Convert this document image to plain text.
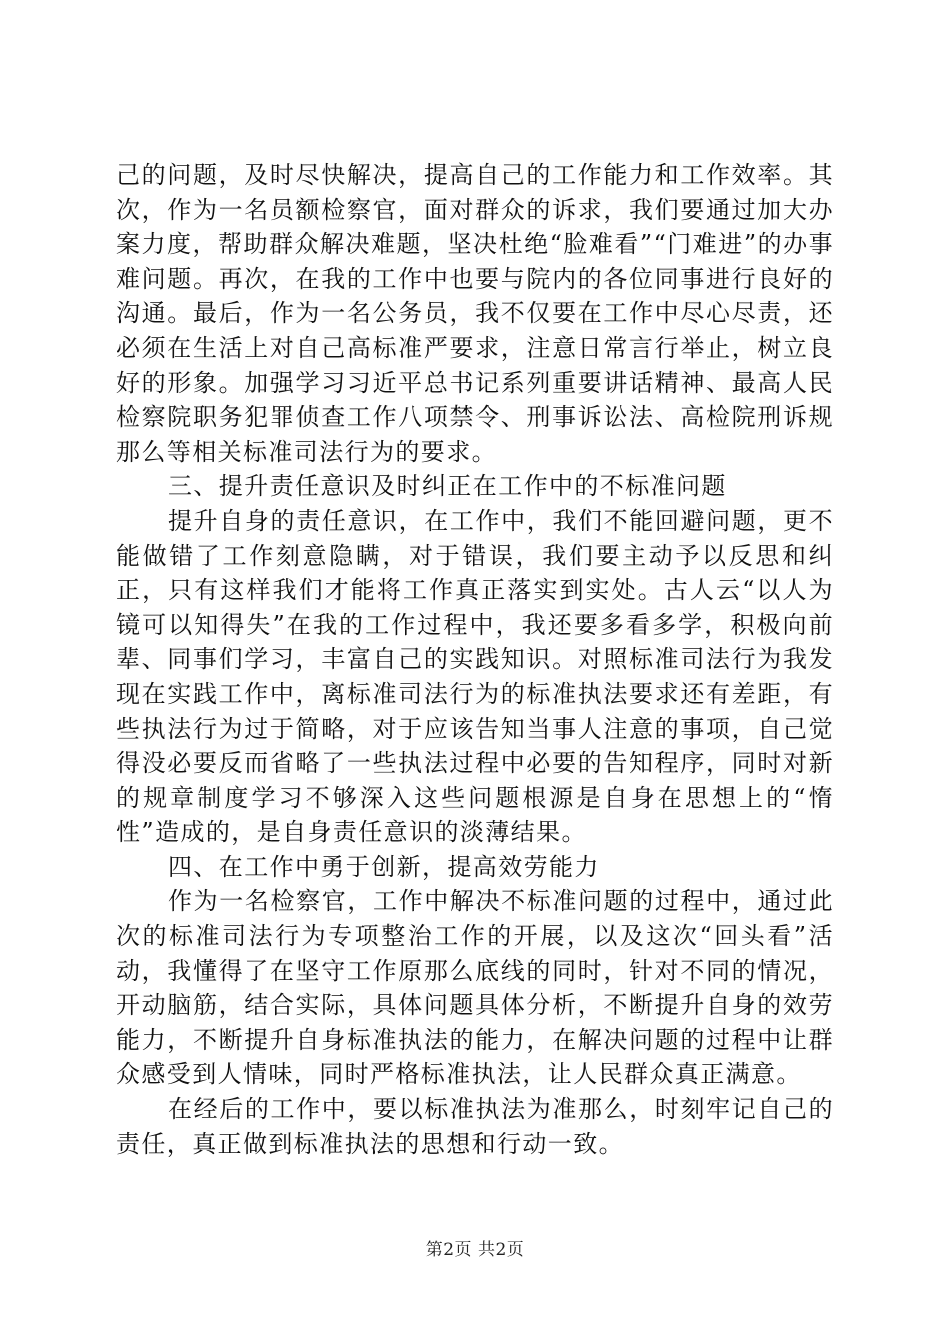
己的问题，及时尽快解决，提高自己的工作能力和工作效率。其次，作为一名员额检察官，面对群众的诉求，我们要通过加大办案力度，帮助群众解决难题，坚决杜绝“脸难看”“门难进”的办事难问题。再次，在我的工作中也要与院内的各位同事进行良好的沟通。最后，作为一名公务员，我不仅要在工作中尽心尽责，还必须在生活上对自己高标准严要求，注意日常言行举止，树立良好的形象。加强学习习近平总书记系列重要讲话精神、最高人民检察院职务犯罪侦查工作八项禁令、刑事诉讼法、高检院刑诉规那么等相关标准司法行为的要求。

三、提升责任意识及时纠正在工作中的不标准问题

提升自身的责任意识，在工作中，我们不能回避问题，更不能做错了工作刻意隐瞒，对于错误，我们要主动予以反思和纠正，只有这样我们才能将工作真正落实到实处。古人云“以人为镜可以知得失”在我的工作过程中，我还要多看多学，积极向前辈、同事们学习，丰富自己的实践知识。对照标准司法行为我发现在实践工作中，离标准司法行为的标准执法要求还有差距，有些执法行为过于简略，对于应该告知当事人注意的事项，自己觉得没必要反而省略了一些执法过程中必要的告知程序，同时对新的规章制度学习不够深入这些问题根源是自身在思想上的“惰性”造成的，是自身责任意识的淡薄结果。

四、在工作中勇于创新，提高效劳能力

作为一名检察官，工作中解决不标准问题的过程中，通过此次的标准司法行为专项整治工作的开展，以及这次“回头看”活动，我懂得了在坚守工作原那么底线的同时，针对不同的情况，开动脑筋，结合实际，具体问题具体分析，不断提升自身的效劳能力，不断提升自身标准执法的能力，在解决问题的过程中让群众感受到人情味，同时严格标准执法，让人民群众真正满意。

在经后的工作中，要以标准执法为准那么，时刻牢记自己的责任，真正做到标准执法的思想和行动一致。

第2页 共2页
